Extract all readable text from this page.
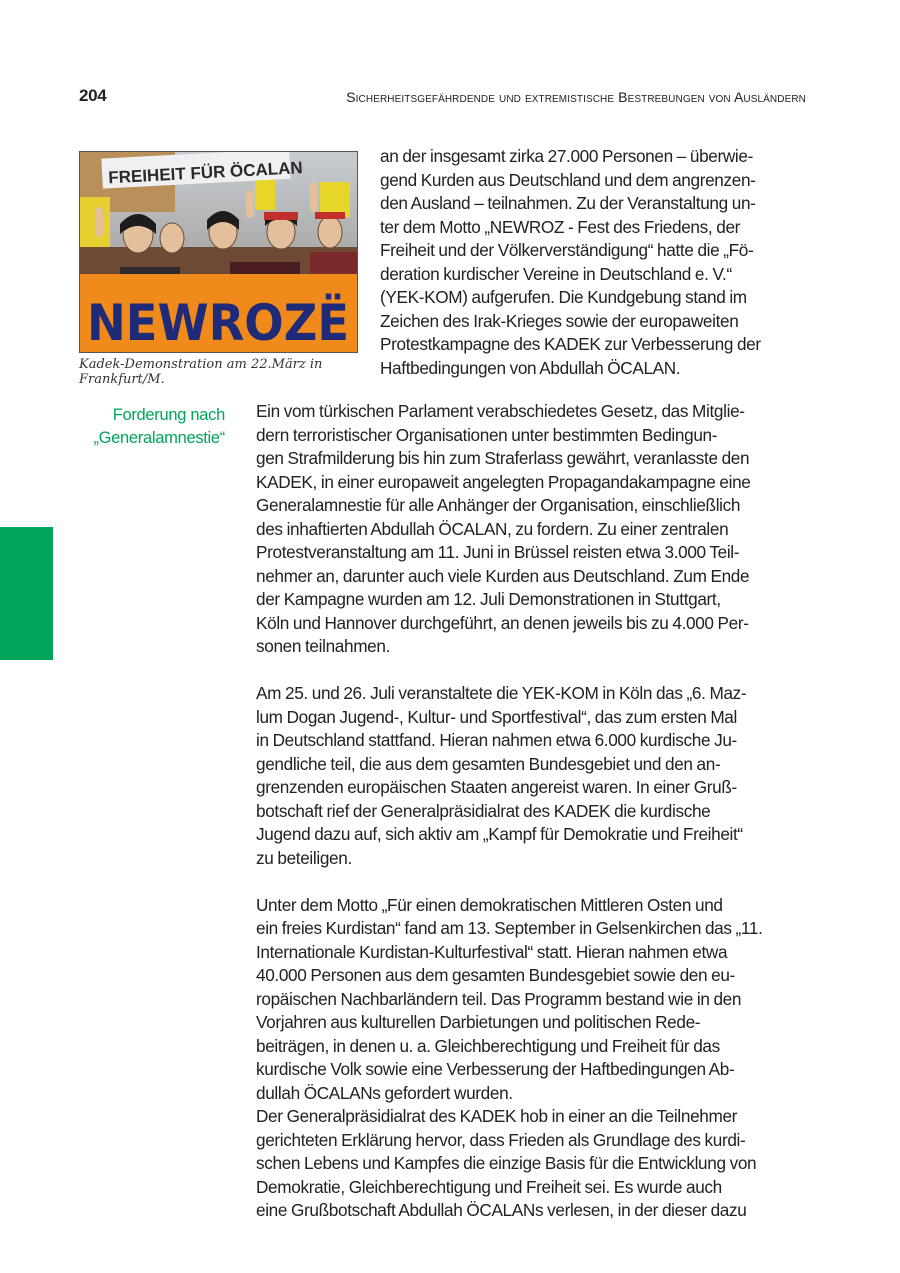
204	Sicherheitsgefährdende und extremistische Bestrebungen von Ausländern
FREIHEIT FÜR ÖCALAN
NEWROZË
Kadek-Demonstration am 22.März in
Frankfurt/M.
an der insgesamt zirka 27.000 Personen – überwie-
gend Kurden aus Deutschland und dem angrenzen-
den Ausland – teilnahmen. Zu der Veranstaltung un-
ter dem Motto „NEWROZ - Fest des Friedens, der
Freiheit und der Völkerverständigung“ hatte die „Fö-
deration kurdischer Vereine in Deutschland e. V.“
(YEK-KOM) aufgerufen. Die Kundgebung stand im
Zeichen des Irak-Krieges sowie der europaweiten
Protestkampagne des KADEK zur Verbesserung der
Haftbedingungen von Abdullah ÖCALAN.
Forderung nach
„Generalamnestie“
Ein vom türkischen Parlament verabschiedetes Gesetz, das Mitglie-
dern terroristischer Organisationen unter bestimmten Bedingun-
gen Strafmilderung bis hin zum Straferlass gewährt, veranlasste den
KADEK, in einer europaweit angelegten Propagandakampagne eine
Generalamnestie für alle Anhänger der Organisation, einschließlich
des inhaftierten Abdullah ÖCALAN, zu fordern. Zu einer zentralen
Protestveranstaltung am 11. Juni in Brüssel reisten etwa 3.000 Teil-
nehmer an, darunter auch viele Kurden aus Deutschland. Zum Ende
der Kampagne wurden am 12. Juli Demonstrationen in Stuttgart,
Köln und Hannover durchgeführt, an denen jeweils bis zu 4.000 Per-
sonen teilnahmen.
Am 25. und 26. Juli veranstaltete die YEK-KOM in Köln das „6. Maz-
lum Dogan Jugend-, Kultur- und Sportfestival“, das zum ersten Mal
in Deutschland stattfand. Hieran nahmen etwa 6.000 kurdische Ju-
gendliche teil, die aus dem gesamten Bundesgebiet und den an-
grenzenden europäischen Staaten angereist waren. In einer Gruß-
botschaft rief der Generalpräsidialrat des KADEK die kurdische
Jugend dazu auf, sich aktiv am „Kampf für Demokratie und Freiheit“
zu beteiligen.
Unter dem Motto „Für einen demokratischen Mittleren Osten und
ein freies Kurdistan“ fand am 13. September in Gelsenkirchen das „11.
Internationale Kurdistan-Kulturfestival“ statt. Hieran nahmen etwa
40.000 Personen aus dem gesamten Bundesgebiet sowie den eu-
ropäischen Nachbarländern teil. Das Programm bestand wie in den
Vorjahren aus kulturellen Darbietungen und politischen Rede-
beiträgen, in denen u. a. Gleichberechtigung und Freiheit für das
kurdische Volk sowie eine Verbesserung der Haftbedingungen Ab-
dullah ÖCALANs gefordert wurden.
Der Generalpräsidialrat des KADEK hob in einer an die Teilnehmer
gerichteten Erklärung hervor, dass Frieden als Grundlage des kurdi-
schen Lebens und Kampfes die einzige Basis für die Entwicklung von
Demokratie, Gleichberechtigung und Freiheit sei. Es wurde auch
eine Grußbotschaft Abdullah ÖCALANs verlesen, in der dieser dazu
